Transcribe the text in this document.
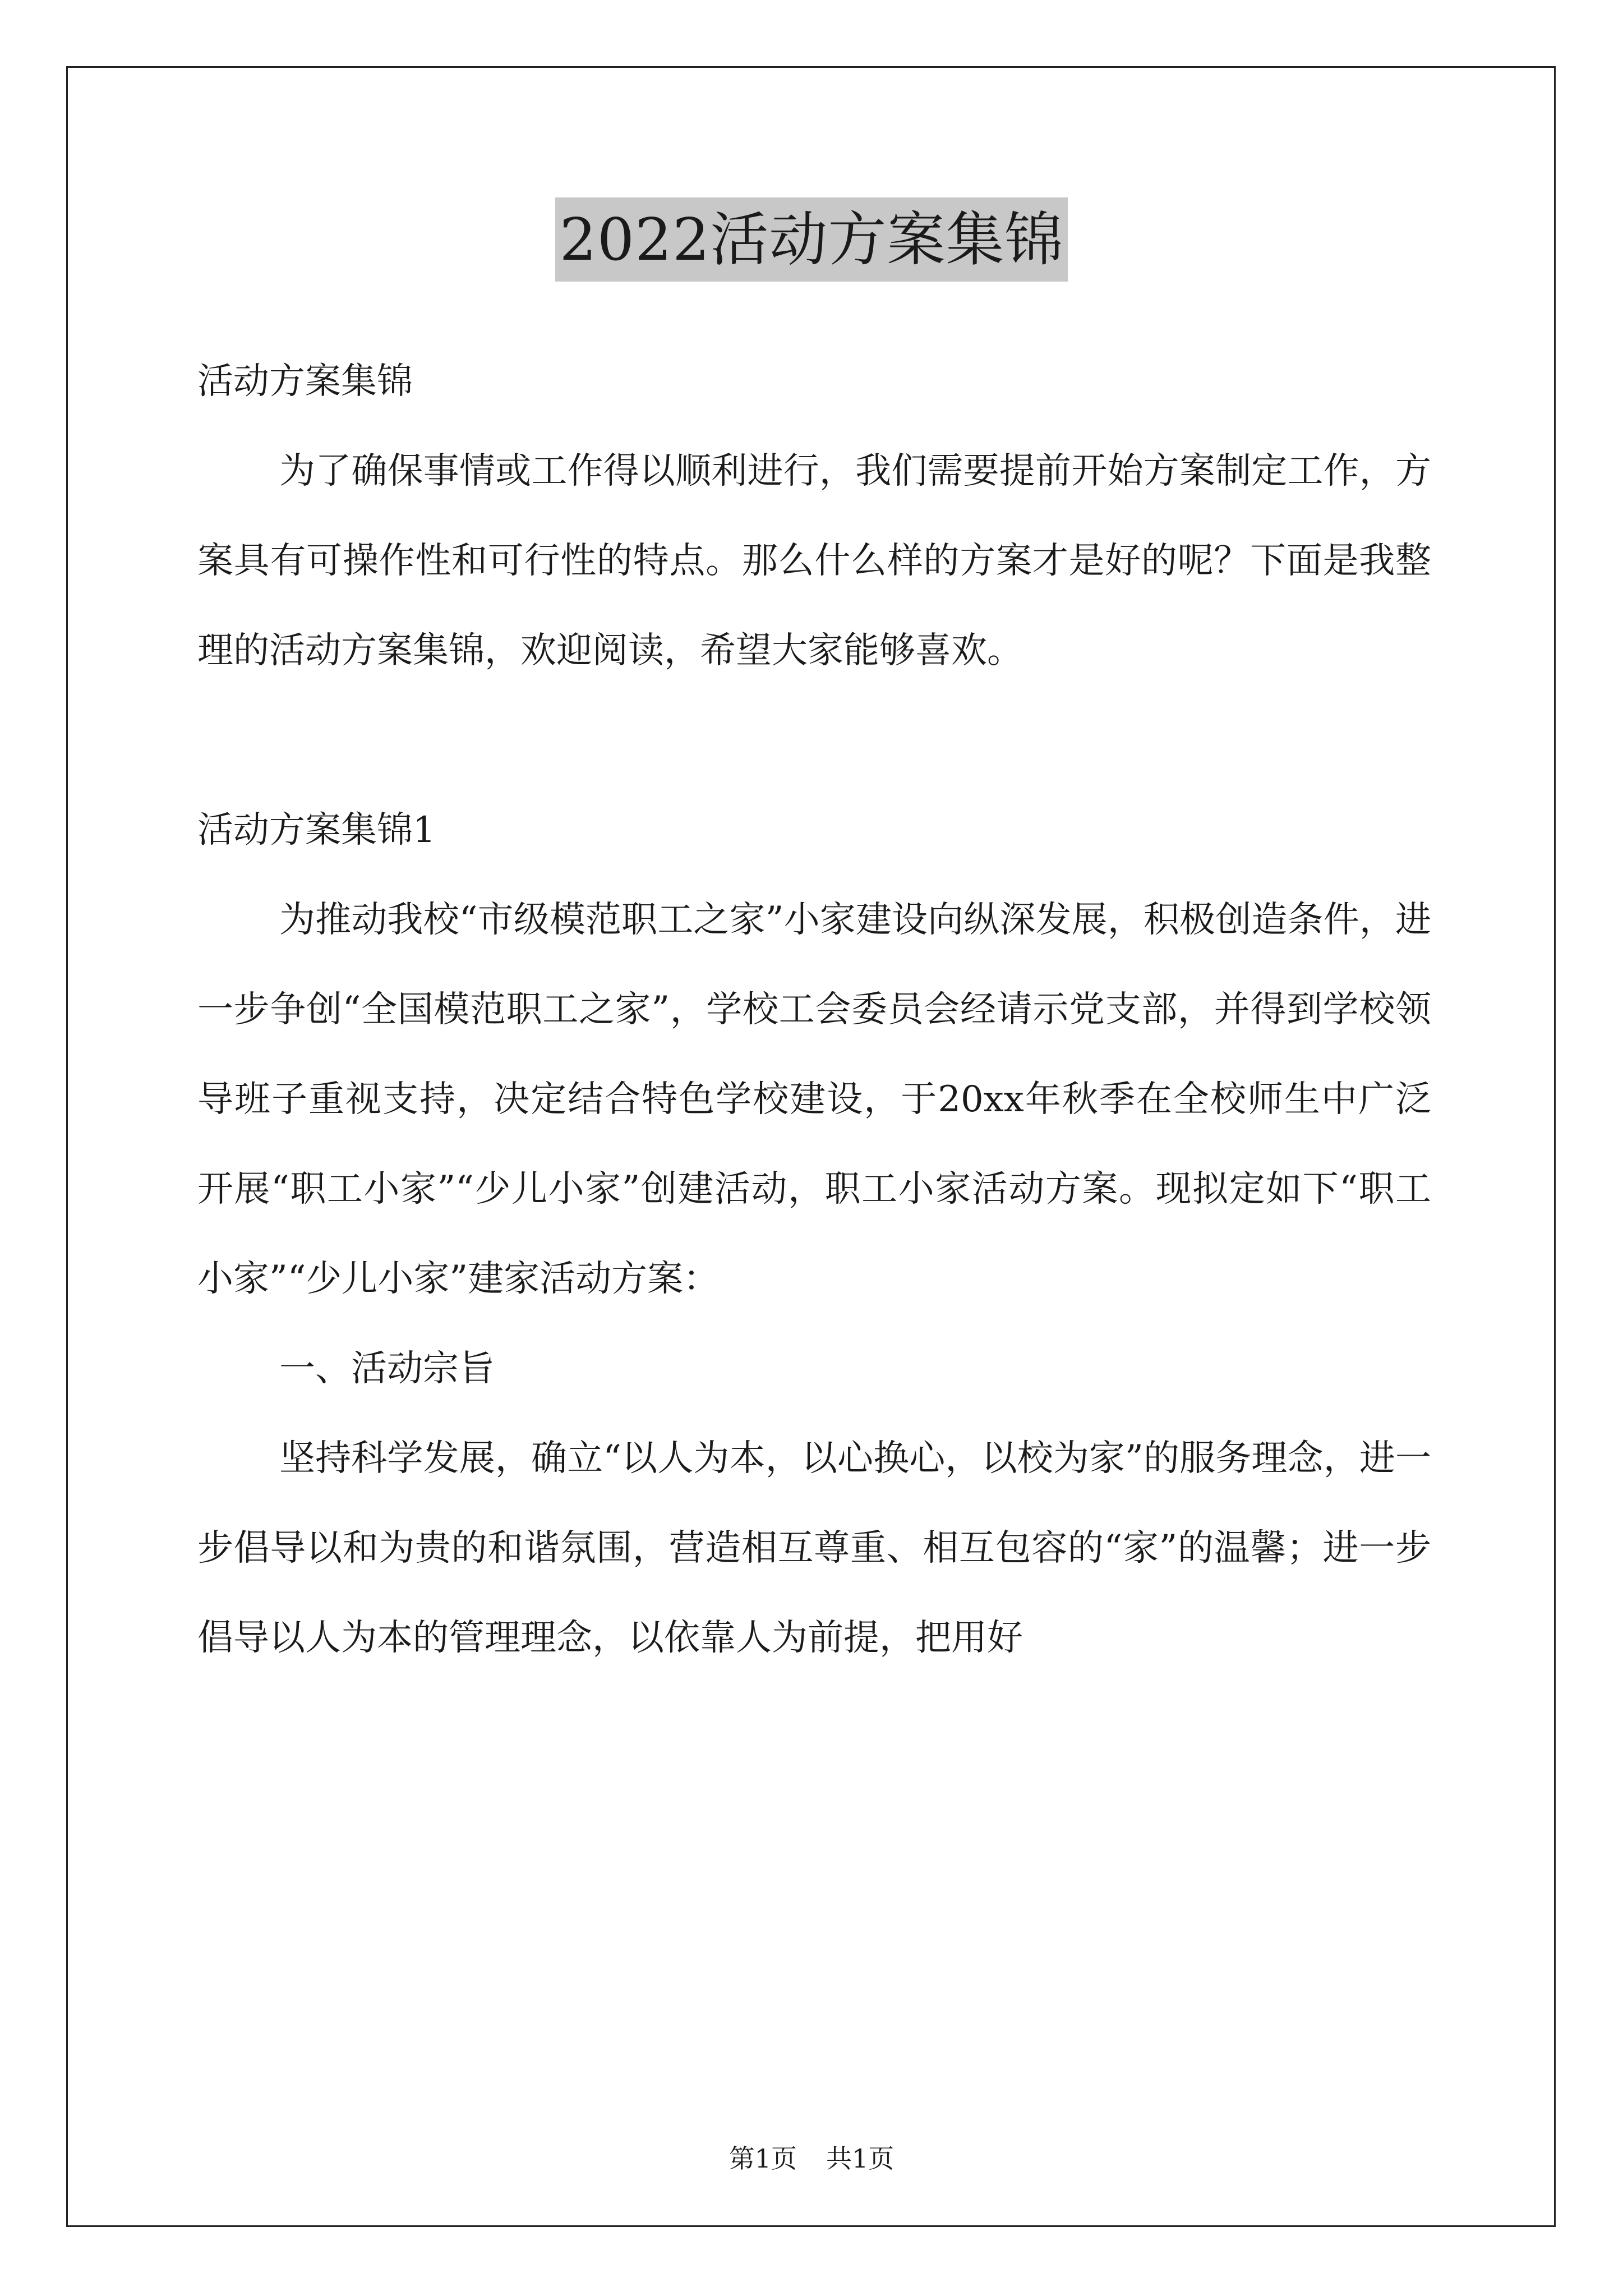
2022活动方案集锦

活动方案集锦

为了确保事情或工作得以顺利进行，我们需要提前开始方案制定工作，方案具有可操作性和可行性的特点。那么什么样的方案才是好的呢？下面是我整理的活动方案集锦，欢迎阅读，希望大家能够喜欢。

活动方案集锦1

为推动我校“市级模范职工之家”小家建设向纵深发展，积极创造条件，进一步争创“全国模范职工之家”，学校工会委员会经请示党支部，并得到学校领导班子重视支持，决定结合特色学校建设，于20xx年秋季在全校师生中广泛开展“职工小家”“少儿小家”创建活动，职工小家活动方案。现拟定如下“职工小家”“少儿小家”建家活动方案：

一、活动宗旨

坚持科学发展，确立“以人为本，以心换心，以校为家”的服务理念，进一步倡导以和为贵的和谐氛围，营造相互尊重、相互包容的“家”的温馨；进一步倡导以人为本的管理理念，以依靠人为前提，把用好

第1页 共1页
